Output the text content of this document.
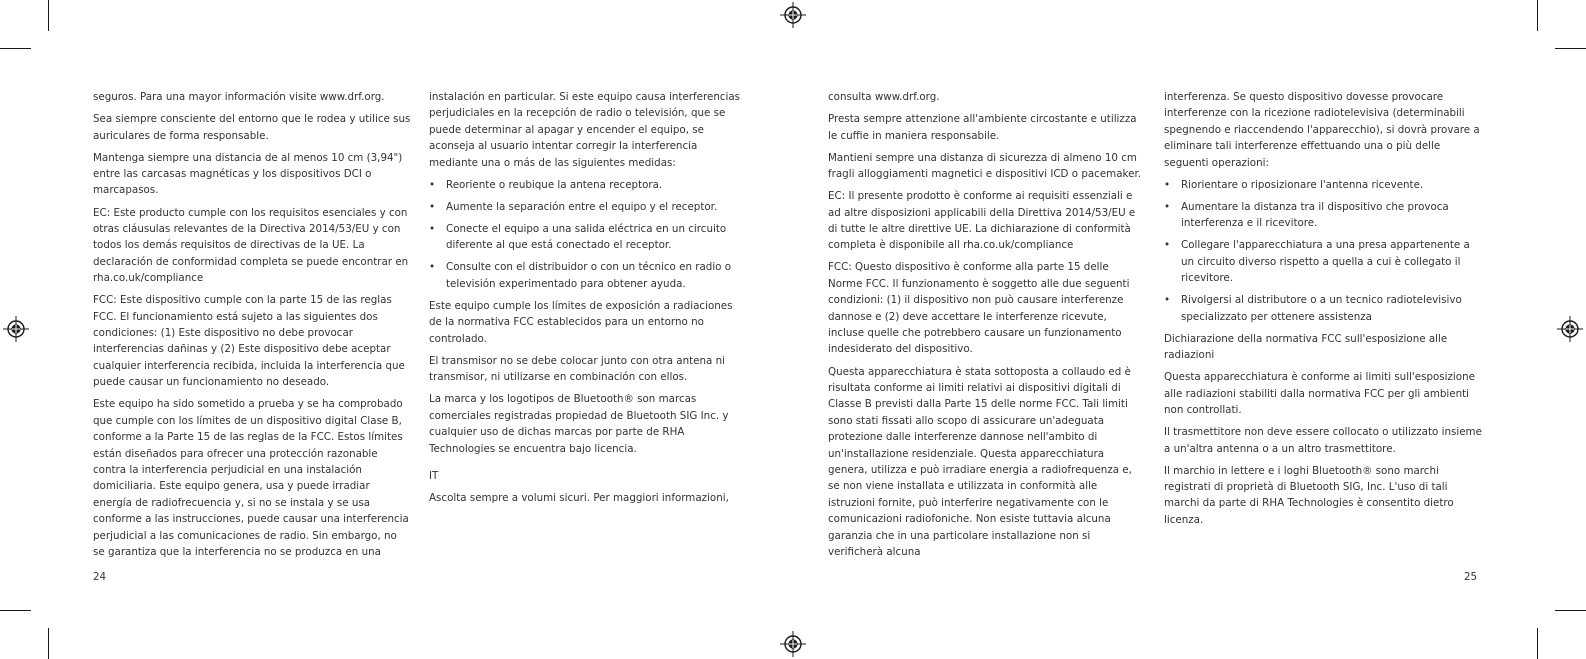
seguros. Para una mayor información visite www.drf.org.

Sea siempre consciente del entorno que le rodea y utilice sus auriculares de forma responsable.

Mantenga siempre una distancia de al menos 10 cm (3,94") entre las carcasas magnéticas y los dispositivos DCI o marcapasos.

EC: Este producto cumple con los requisitos esenciales y con otras cláusulas relevantes de la Directiva 2014/53/EU y con todos los demás requisitos de directivas de la UE. La declaración de conformidad completa se puede encontrar en rha.co.uk/compliance

FCC: Este dispositivo cumple con la parte 15 de las reglas FCC. El funcionamiento está sujeto a las siguientes dos condiciones: (1) Este dispositivo no debe provocar interferencias dañinas y (2) Este dispositivo debe aceptar cualquier interferencia recibida, incluida la interferencia que puede causar un funcionamiento no deseado.

Este equipo ha sido sometido a prueba y se ha comprobado que cumple con los límites de un dispositivo digital Clase B, conforme a la Parte 15 de las reglas de la FCC. Estos límites están diseñados para ofrecer una protección razonable contra la interferencia perjudicial en una instalación domiciliaria. Este equipo genera, usa y puede irradiar energía de radiofrecuencia y, si no se instala y se usa conforme a las instrucciones, puede causar una interferencia perjudicial a las comunicaciones de radio. Sin embargo, no se garantiza que la interferencia no se produzca en una

instalación en particular. Si este equipo causa interferencias perjudiciales en la recepción de radio o televisión, que se puede determinar al apagar y encender el equipo, se aconseja al usuario intentar corregir la interferencia mediante una o más de las siguientes medidas:

• Reoriente o reubique la antena receptora.
• Aumente la separación entre el equipo y el receptor.
• Conecte el equipo a una salida eléctrica en un circuito diferente al que está conectado el receptor.
• Consulte con el distribuidor o con un técnico en radio o televisión experimentado para obtener ayuda.

Este equipo cumple los límites de exposición a radiaciones de la normativa FCC establecidos para un entorno no controlado.

El transmisor no se debe colocar junto con otra antena ni transmisor, ni utilizarse en combinación con ellos.

La marca y los logotipos de Bluetooth® son marcas comerciales registradas propiedad de Bluetooth SIG Inc. y cualquier uso de dichas marcas por parte de RHA Technologies se encuentra bajo licencia.

IT

Ascolta sempre a volumi sicuri. Per maggiori informazioni,

consulta www.drf.org.

Presta sempre attenzione all'ambiente circostante e utilizza le cuffie in maniera responsabile.

Mantieni sempre una distanza di sicurezza di almeno 10 cm fragli alloggiamenti magnetici e dispositivi ICD o pacemaker.

EC: Il presente prodotto è conforme ai requisiti essenziali e ad altre disposizioni applicabili della Direttiva 2014/53/EU e di tutte le altre direttive UE. La dichiarazione di conformità completa è disponibile all rha.co.uk/compliance

FCC: Questo dispositivo è conforme alla parte 15 delle Norme FCC. Il funzionamento è soggetto alle due seguenti condizioni: (1) il dispositivo non può causare interferenze dannose e (2) deve accettare le interferenze ricevute, incluse quelle che potrebbero causare un funzionamento indesiderato del dispositivo.

Questa apparecchiatura è stata sottoposta a collaudo ed è risultata conforme ai limiti relativi ai dispositivi digitali di Classe B previsti dalla Parte 15 delle norme FCC. Tali limiti sono stati fissati allo scopo di assicurare un'adeguata protezione dalle interferenze dannose nell'ambito di un'installazione residenziale. Questa apparecchiatura genera, utilizza e può irradiare energia a radiofrequenza e, se non viene installata e utilizzata in conformità alle istruzioni fornite, può interferire negativamente con le comunicazioni radiofoniche. Non esiste tuttavia alcuna garanzia che in una particolare installazione non si verificherà alcuna

interferenza. Se questo dispositivo dovesse provocare interferenze con la ricezione radiotelevisiva (determinabili spegnendo e riaccendendo l'apparecchio), si dovrà provare a eliminare tali interferenze effettuando una o più delle seguenti operazioni:

• Riorientare o riposizionare l'antenna ricevente.
• Aumentare la distanza tra il dispositivo che provoca interferenza e il ricevitore.
• Collegare l'apparecchiatura a una presa appartenente a un circuito diverso rispetto a quella a cui è collegato il ricevitore.
• Rivolgersi al distributore o a un tecnico radiotelevisivo specializzato per ottenere assistenza

Dichiarazione della normativa FCC sull'esposizione alle radiazioni

Questa apparecchiatura è conforme ai limiti sull'esposizione alle radiazioni stabiliti dalla normativa FCC per gli ambienti non controllati.

Il trasmettitore non deve essere collocato o utilizzato insieme a un'altra antenna o a un altro trasmettitore.

Il marchio in lettere e i loghi Bluetooth® sono marchi registrati di proprietà di Bluetooth SIG, Inc. L'uso di tali marchi da parte di RHA Technologies è consentito dietro licenza.

24	25
